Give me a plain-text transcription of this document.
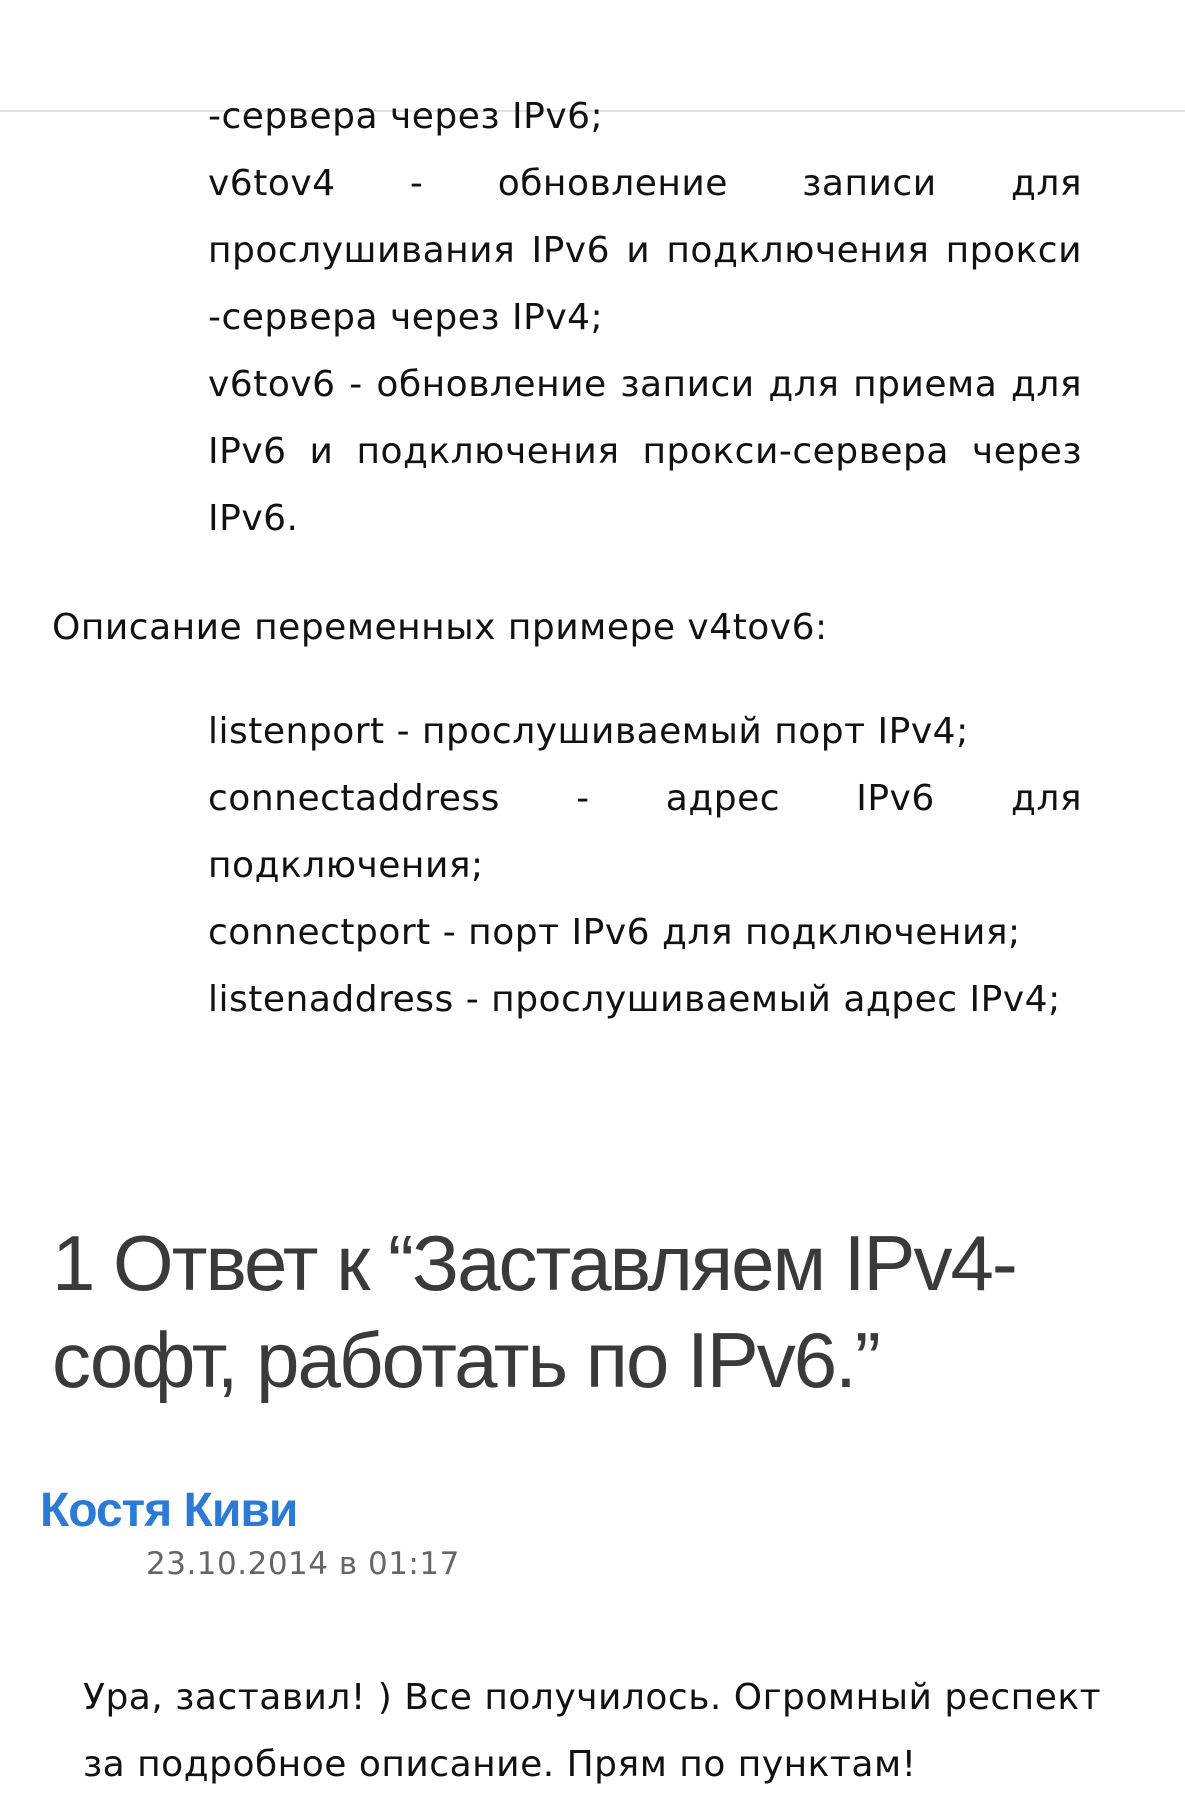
-сервера через IPv6;

v6tov4 - обновление записи для прослушивания IPv6 и подключения прокси -сервера через IPv4;

v6tov6 - обновление записи для приема для IPv6 и подключения прокси-сервера через IPv6.

Описание переменных примере v4tov6:

listenport - прослушиваемый порт IPv4;

connectaddress - адрес IPv6 для подключения;

connectport - порт IPv6 для подключения;

listenaddress - прослушиваемый адрес IPv4;

1 Ответ к “Заставляем IPv4-софт, работать по IPv6.”

Костя Киви

23.10.2014 в 01:17

Ура, заставил! ) Все получилось. Огромный респект за подробное описание. Прям по пунктам!
